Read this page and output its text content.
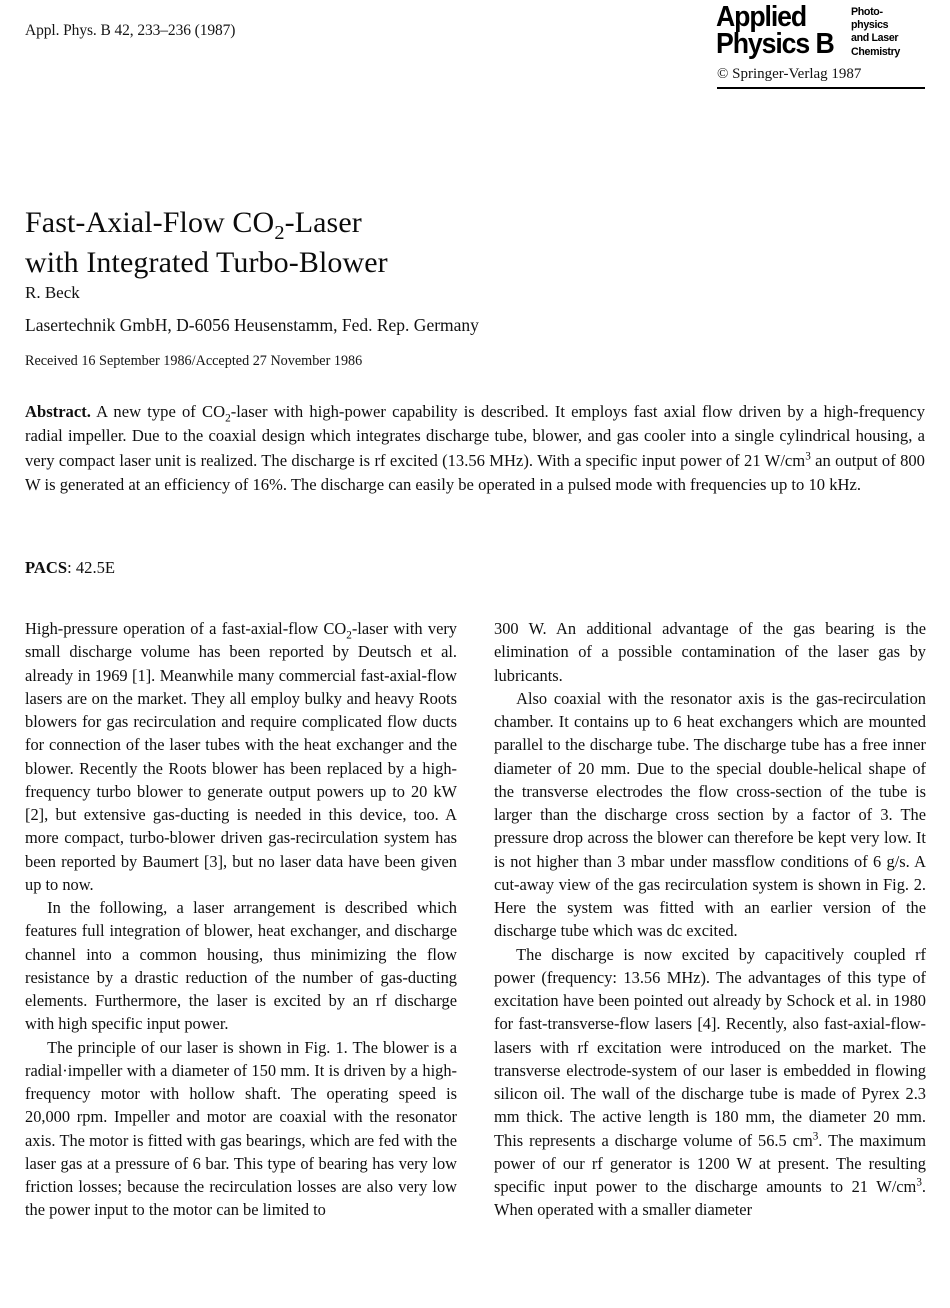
Appl. Phys. B 42, 233–236 (1987)	Applied
Physics B
Photo-
physics
and Laser
Chemistry
© Springer-Verlag 1987
Fast-Axial-Flow $CO_2$-Laser
with Integrated Turbo-Blower
R. Beck
Lasertechnik GmbH, D-6056 Heusenstamm, Fed. Rep. Germany
Received 16 September 1986/Accepted 27 November 1986
Abstract. A new type of $CO_2$-laser with high-power capability is described. It employs fast axial flow driven by a high-frequency radial impeller. Due to the coaxial design which integrates discharge tube, blower, and gas cooler into a single cylindrical housing, a very compact laser unit is realized. The discharge is rf excited (13.56 MHz). With a specific input power of 21 $W/cm^3$ an output of 800 W is generated at an efficiency of 16%. The discharge can easily be operated in a pulsed mode with frequencies up to 10 kHz.
PACS: 42.5E

High-pressure operation of a fast-axial-flow $CO_2$-laser with very small discharge volume has been reported by Deutsch et al. already in 1969 [1]. Meanwhile many commercial fast-axial-flow lasers are on the market. They all employ bulky and heavy Roots blowers for gas recirculation and require complicated flow ducts for connection of the laser tubes with the heat exchanger and the blower. Recently the Roots blower has been replaced by a high-frequency turbo blower to generate output powers up to 20 kW [2], but extensive gas-ducting is needed in this device, too. A more compact, turbo-blower driven gas-recirculation system has been reported by Baumert [3], but no laser data have been given up to now.

In the following, a laser arrangement is described which features full integration of blower, heat exchanger, and discharge channel into a common housing, thus minimizing the flow resistance by a drastic reduction of the number of gas-ducting elements. Furthermore, the laser is excited by an rf discharge with high specific input power.

The principle of our laser is shown in Fig. 1. The blower is a radial·impeller with a diameter of 150 mm. It is driven by a high-frequency motor with hollow shaft. The operating speed is 20,000 rpm. Impeller and motor are coaxial with the resonator axis. The motor is fitted with gas bearings, which are fed with the laser gas at a pressure of 6 bar. This type of bearing has very low friction losses; because the recirculation losses are also very low the power input to the motor can be limited to

300 W. An additional advantage of the gas bearing is the elimination of a possible contamination of the laser gas by lubricants.

Also coaxial with the resonator axis is the gas-recirculation chamber. It contains up to 6 heat exchangers which are mounted parallel to the discharge tube. The discharge tube has a free inner diameter of 20 mm. Due to the special double-helical shape of the transverse electrodes the flow cross-section of the tube is larger than the discharge cross section by a factor of 3. The pressure drop across the blower can therefore be kept very low. It is not higher than 3 mbar under massflow conditions of 6 g/s. A cut-away view of the gas recirculation system is shown in Fig. 2. Here the system was fitted with an earlier version of the discharge tube which was dc excited.

The discharge is now excited by capacitively coupled rf power (frequency: 13.56 MHz). The advantages of this type of excitation have been pointed out already by Schock et al. in 1980 for fast-transverse-flow lasers [4]. Recently, also fast-axial-flow-lasers with rf excitation were introduced on the market. The transverse electrode-system of our laser is embedded in flowing silicon oil. The wall of the discharge tube is made of Pyrex 2.3 mm thick. The active length is 180 mm, the diameter 20 mm. This represents a discharge volume of 56.5 $cm^3$. The maximum power of our rf generator is 1200 W at present. The resulting specific input power to the discharge amounts to 21 $W/cm^3$. When operated with a smaller diameter
